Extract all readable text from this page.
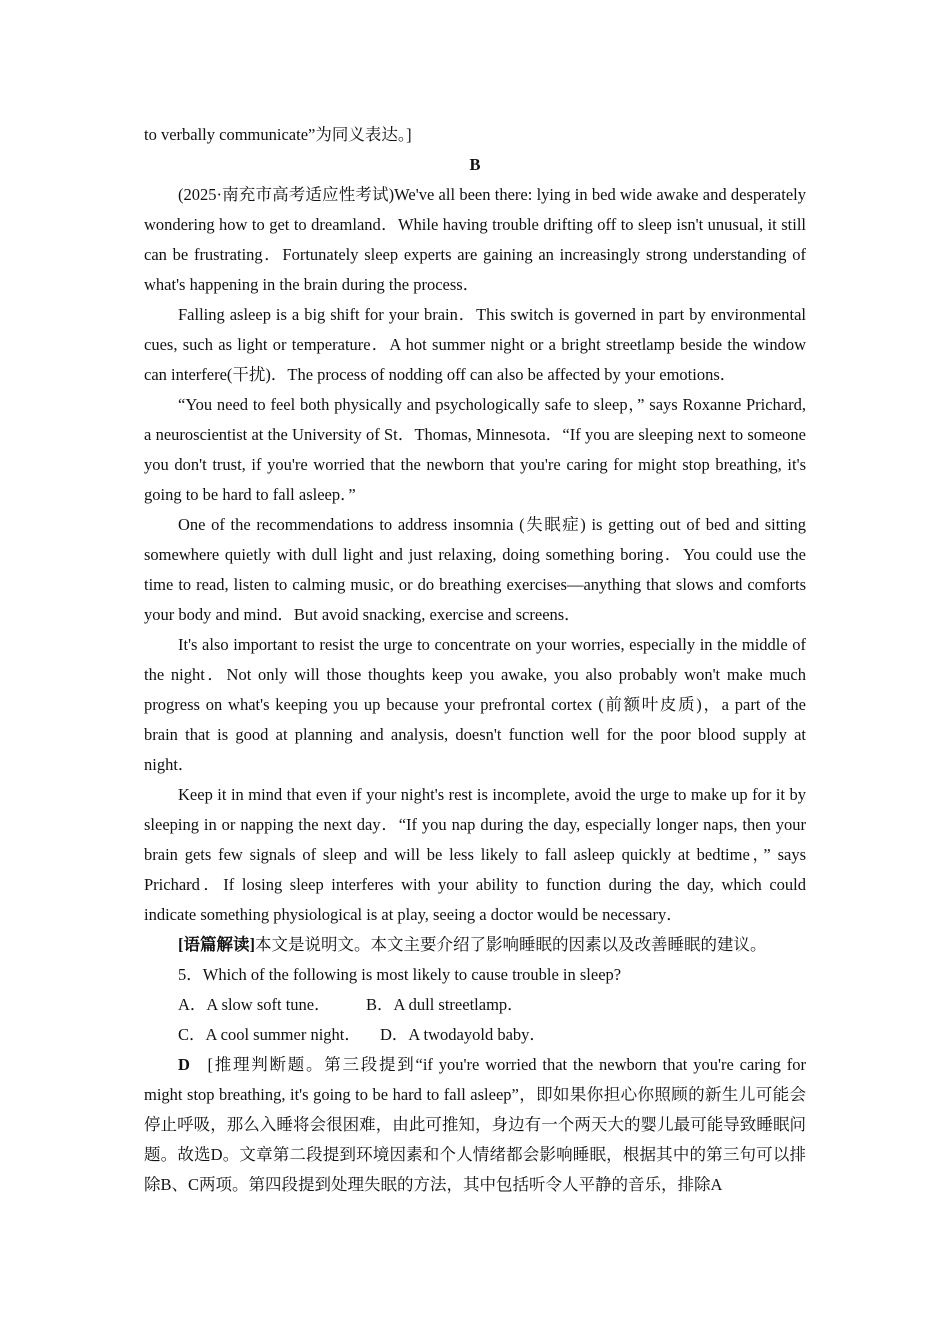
to verbally communicate”为同义表达。]

B

(2025·南充市高考适应性考试)We've all been there: lying in bed wide awake and desperately wondering how to get to dreamland．While having trouble drifting off to sleep isn't unusual, it still can be frustrating．Fortunately sleep experts are gaining an increasingly strong understanding of what's happening in the brain during the process．

Falling asleep is a big shift for your brain．This switch is governed in part by environmental cues, such as light or temperature．A hot summer night or a bright streetlamp beside the window can interfere(干扰)．The process of nodding off can also be affected by your emotions．

“You need to feel both physically and psychologically safe to sleep，” says Roxanne Prichard, a neuroscientist at the University of St．Thomas, Minnesota．“If you are sleeping next to someone you don't trust, if you're worried that the newborn that you're caring for might stop breathing, it's going to be hard to fall asleep．”

One of the recommendations to address insomnia (失眠症) is getting out of bed and sitting somewhere quietly with dull light and just relaxing, doing something boring．You could use the time to read, listen to calming music, or do breathing exercises—anything that slows and comforts your body and mind．But avoid snacking, exercise and screens．

It's also important to resist the urge to concentrate on your worries, especially in the middle of the night．Not only will those thoughts keep you awake, you also probably won't make much progress on what's keeping you up because your prefrontal cortex (前额叶皮质)，a part of the brain that is good at planning and analysis, doesn't function well for the poor blood supply at night．

Keep it in mind that even if your night's rest is incomplete, avoid the urge to make up for it by sleeping in or napping the next day．“If you nap during the day, especially longer naps, then your brain gets few signals of sleep and will be less likely to fall asleep quickly at bedtime，” says Prichard．If losing sleep interferes with your ability to function during the day, which could indicate something physiological is at play, seeing a doctor would be necessary．

[语篇解读]本文是说明文。本文主要介绍了影响睡眠的因素以及改善睡眠的建议。

5．Which of the following is most likely to cause trouble in sleep?

A．A slow soft tune． B．A dull streetlamp．

C．A cool summer night． D．A twodayold baby．

D [推理判断题。第三段提到“if you're worried that the newborn that you're caring for might stop breathing, it's going to be hard to fall asleep”，即如果你担心你照顾的新生儿可能会停止呼吸，那么入睡将会很困难，由此可推知，身边有一个两天大的婴儿最可能导致睡眠问题。故选D。文章第二段提到环境因素和个人情绪都会影响睡眠，根据其中的第三句可以排除B、C两项。第四段提到处理失眠的方法，其中包括听令人平静的音乐，排除A
